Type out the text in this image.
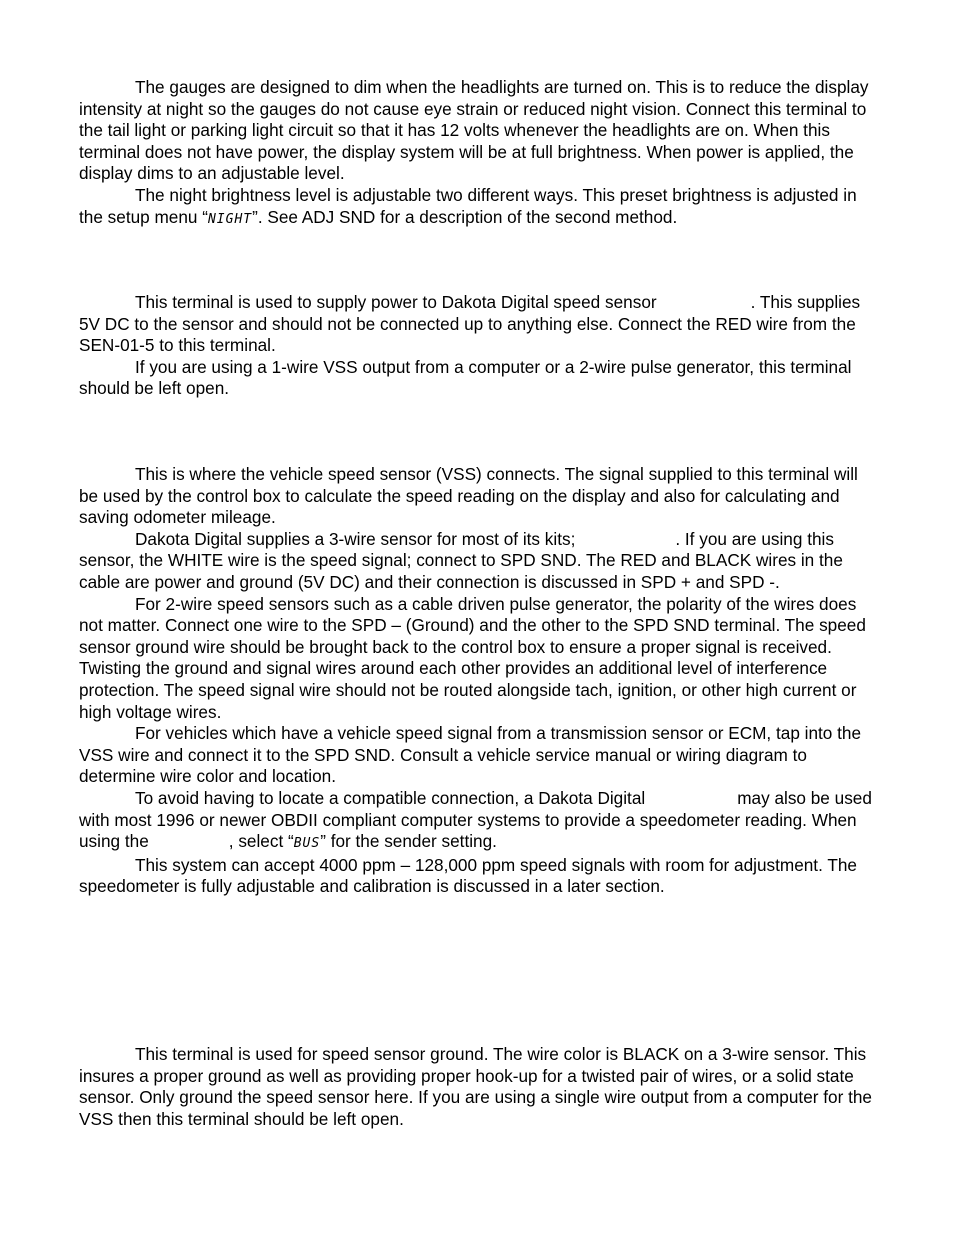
The gauges are designed to dim when the headlights are turned on. This is to reduce the display intensity at night so the gauges do not cause eye strain or reduced night vision. Connect this terminal to the tail light or parking light circuit so that it has 12 volts whenever the headlights are on. When this terminal does not have power, the display system will be at full brightness. When power is applied, the display dims to an adjustable level.

The night brightness level is adjustable two different ways. This preset brightness is adjusted in the setup menu “NIGHT”. See ADJ SND for a description of the second method.

This terminal is used to supply power to Dakota Digital speed sensor	. This supplies 5V DC to the sensor and should not be connected up to anything else. Connect the RED wire from the SEN-01-5 to this terminal.

If you are using a 1-wire VSS output from a computer or a 2-wire pulse generator, this terminal should be left open.

This is where the vehicle speed sensor (VSS) connects. The signal supplied to this terminal will be used by the control box to calculate the speed reading on the display and also for calculating and saving odometer mileage.

Dakota Digital supplies a 3-wire sensor for most of its kits;	. If you are using this sensor, the WHITE wire is the speed signal; connect to SPD SND. The RED and BLACK wires in the cable are power and ground (5V DC) and their connection is discussed in SPD + and SPD -.

For 2-wire speed sensors such as a cable driven pulse generator, the polarity of the wires does not matter. Connect one wire to the SPD – (Ground) and the other to the SPD SND terminal. The speed sensor ground wire should be brought back to the control box to ensure a proper signal is received. Twisting the ground and signal wires around each other provides an additional level of interference protection. The speed signal wire should not be routed alongside tach, ignition, or other high current or high voltage wires.

For vehicles which have a vehicle speed signal from a transmission sensor or ECM, tap into the VSS wire and connect it to the SPD SND. Consult a vehicle service manual or wiring diagram to determine wire color and location.

To avoid having to locate a compatible connection, a Dakota Digital	may also be used with most 1996 or newer OBDII compliant computer systems to provide a speedometer reading. When using the	, select “BUS” for the sender setting.

This system can accept 4000 ppm – 128,000 ppm speed signals with room for adjustment. The speedometer is fully adjustable and calibration is discussed in a later section.

This terminal is used for speed sensor ground. The wire color is BLACK on a 3-wire sensor. This insures a proper ground as well as providing proper hook-up for a twisted pair of wires, or a solid state sensor. Only ground the speed sensor here. If you are using a single wire output from a computer for the VSS then this terminal should be left open.
